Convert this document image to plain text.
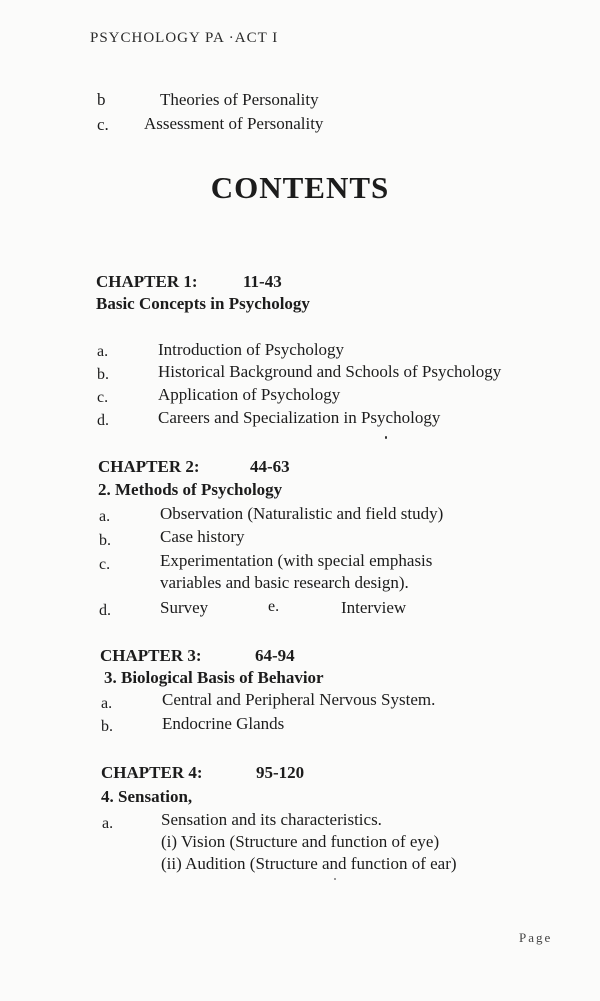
PSYCHOLOGY PA ·ACT I
b	Theories of Personality
c. Assessment of Personality
CONTENTS
CHAPTER 1:	11-43
Basic Concepts in Psychology
a.	Introduction of Psychology
b.	Historical Background and Schools of Psychology
c.	Application of Psychology
d.	Careers and Specialization in Psychology
CHAPTER 2:	44-63
2. Methods of Psychology
a.	Observation (Naturalistic and field study)
b.	Case history
c.	Experimentation (with special emphasis
variables and basic research design).
d.	Survey	e.	Interview
CHAPTER 3:	64-94
3. Biological Basis of Behavior
a.	Central and Peripheral Nervous System.
b.	Endocrine Glands
CHAPTER 4:	95-120
4. Sensation,
a.	Sensation and its characteristics.
(i) Vision (Structure and function of eye)
(ii) Audition (Structure and function of ear)
Page
